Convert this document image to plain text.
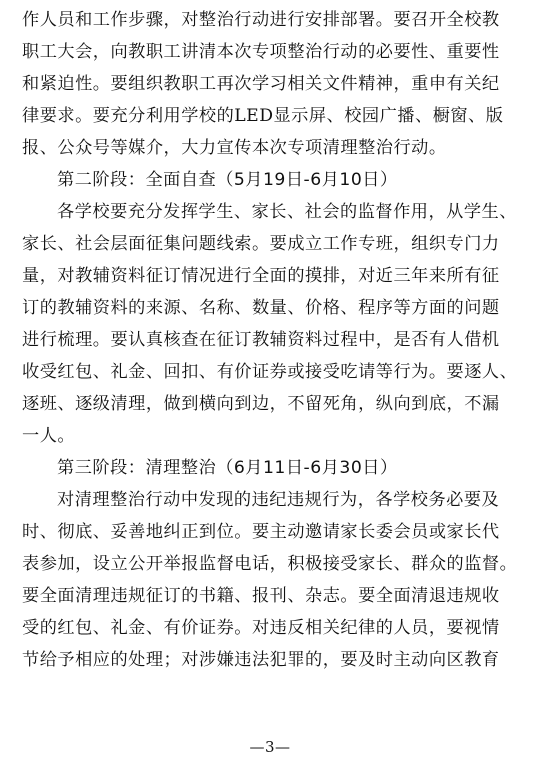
作人员和工作步骤，对整治行动进行安排部署。要召开全校教
职工大会，向教职工讲清本次专项整治行动的必要性、重要性
和紧迫性。要组织教职工再次学习相关文件精神，重申有关纪
律要求。要充分利用学校的LED显示屏、校园广播、橱窗、版
报、公众号等媒介，大力宣传本次专项清理整治行动。
第二阶段：全面自查（5月19日-6月10日）
各学校要充分发挥学生、家长、社会的监督作用，从学生、
家长、社会层面征集问题线索。要成立工作专班，组织专门力
量，对教辅资料征订情况进行全面的摸排，对近三年来所有征
订的教辅资料的来源、名称、数量、价格、程序等方面的问题
进行梳理。要认真核查在征订教辅资料过程中，是否有人借机
收受红包、礼金、回扣、有价证券或接受吃请等行为。要逐人、
逐班、逐级清理，做到横向到边，不留死角，纵向到底，不漏
一人。
第三阶段：清理整治（6月11日-6月30日）
对清理整治行动中发现的违纪违规行为，各学校务必要及
时、彻底、妥善地纠正到位。要主动邀请家长委会员或家长代
表参加，设立公开举报监督电话，积极接受家长、群众的监督。
要全面清理违规征订的书籍、报刊、杂志。要全面清退违规收
受的红包、礼金、有价证券。对违反相关纪律的人员，要视情
节给予相应的处理；对涉嫌违法犯罪的，要及时主动向区教育
—3—
